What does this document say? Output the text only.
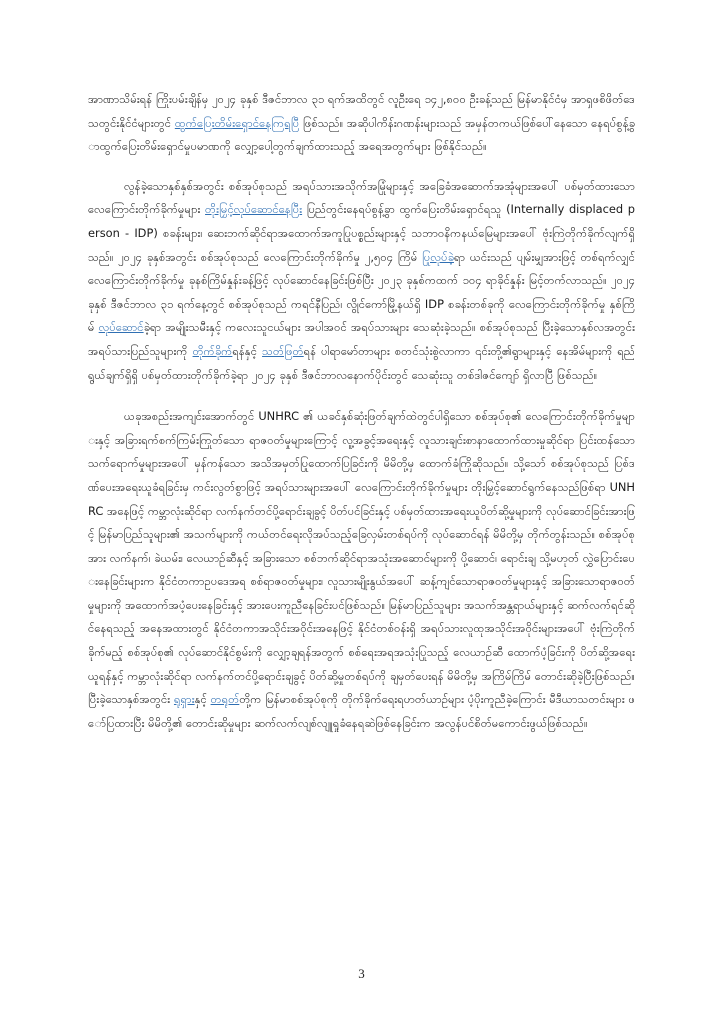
အာဏာသိမ်းရန် ကြိုးပမ်းချိန်မှ ၂၀၂၄ ခုနှစ် ဒီဇင်ဘာလ ၃၁ ရက်အထိတွင် လူဦးရေ ၁၄၂,၈၀၀ ဦးခန့်သည် မြန်မာနိုင်ငံမှ အာရှဖစိဖိတ်ဒေသတွင်းနိုင်ငံများတွင် ထွက်ပြေးတိမ်းရှောင်နေကြရပြီ ဖြစ်သည်။ အဆိုပါကိန်းဂဏန်းများသည် အမှန်တကယ်ဖြစ်ပေါ်နေသော နေရပ်စွန့်ခွာထွက်ပြေးတိမ်းရှောင်မှုပမာဏကို လျှော့ပေါ့တွက်ချက်ထားသည့် အရေအတွက်များ ဖြစ်နိုင်သည်။

လွန်ခဲ့သောနှစ်နှစ်အတွင်း စစ်အုပ်စုသည် အရပ်သားအသိုက်အမြုံများနှင့် အခြေခံအဆောက်အအုံများအပေါ် ပစ်မှတ်ထားသော လေကြောင်းတိုက်ခိုက်မှုများ တိုးမြှင့်လုပ်ဆောင်နေပြီး ပြည်တွင်းနေရပ်စွန့်ခွာ ထွက်ပြေးတိမ်းရှောင်ရသူ (Internally displaced person - IDP) စခန်းများ၊ ဆေးဘက်ဆိုင်ရာအထောက်အကူပြုပစ္စည်းများနှင့် သဘာဝနိကနယ်မြေများအပေါ် ဗုံးကြဲတိုက်ခိုက်လျက်ရှိသည်။ ၂၀၂၄ ခုနှစ်အတွင်း စစ်အုပ်စုသည် လေကြောင်းတိုက်ခိုက်မှု ၂,၅၀၄ ကြိမ် ပြုလုပ်ခဲ့ရာ ယင်းသည် ပျမ်းမျှအားဖြင့် တစ်ရက်လျှင် လေကြောင်းတိုက်ခိုက်မှု ခုနစ်ကြိမ်နှုန်းခန့်ဖြင့် လုပ်ဆောင်နေခြင်းဖြစ်ပြီး ၂၀၂၃ ခုနှစ်ကထက် ၁၀၄ ရာခိုင်နှုန်း မြင့်တက်လာသည်။ ၂၀၂၄ ခုနှစ် ဒီဇင်ဘာလ ၃၁ ရက်နေ့တွင် စစ်အုပ်စုသည် ကရင်နီပြည်၊ လွိုင်ကော်မြို့နယ်ရှိ IDP စခန်းတစ်ခုကို လေကြောင်းတိုက်ခိုက်မှု နှစ်ကြိမ် လုပ်ဆောင်ခဲ့ရာ အမျိုးသမီးနှင့် ကလေးသူငယ်များ အပါအဝင် အရပ်သားများ သေဆုံးခဲ့သည်။ စစ်အုပ်စုသည် ပြီးခဲ့သောနှစ်လအတွင်း အရပ်သားပြည်သူများကို တိုက်ခိုက်ရန်နှင့် သတ်ဖြတ်ရန် ပါရာမော်တာများ စတင်သုံးစွဲလာကာ ၎င်းတို့၏ရွာများနှင့် နေအိမ်များကို ရည် ရွယ်ချက်ရှိရှိ ပစ်မှတ်ထားတိုက်ခိုက်ခဲ့ရာ ၂၀၂၄ ခုနှစ် ဒီဇင်ဘာလနောက်ပိုင်းတွင် သေဆုံးသူ တစ်ဒါဇင်ကျော် ရှိလာပြီ ဖြစ်သည်။

ယခုအစည်းအကျင်းအောက်တွင် UNHRC ၏ ယခင်နှစ်ဆုံးဖြတ်ချက်ထဲတွင်ပါရှိသော စစ်အုပ်စု၏ လေကြောင်းတိုက်ခိုက်မှုများနှင့် အခြားရက်စက်ကြမ်းကြုတ်သော ရာဇဝတ်မှုများကြောင့် လူ့အခွင့်အရေးနှင့် လူသားချင်းစာနာထောက်ထားမှုဆိုင်ရာ ပြင်းထန်သောသက်ရောက်မှုများအပေါ် မှန်ကန်သော အသိအမှတ်ပြုထောက်ပြခြင်းကို မိမိတို့မှ ထောက်ခံကြိုဆိုသည်။ သို့သော် စစ်အုပ်စုသည် ပြစ်ဒဏ်ပေးအရေးယူခံရခြင်းမှ ကင်းလွတ်စွာဖြင့် အရပ်သားများအပေါ် လေကြောင်းတိုက်ခိုက်မှုများ တိုးမြှင့်ဆောင်ရွက်နေသည်ဖြစ်ရာ UNHRC အနေဖြင့် ကမ္ဘာလုံးဆိုင်ရာ လက်နက်တင်ပို့ရောင်းချခွင့် ပိတ်ပင်ခြင်းနှင့် ပစ်မှတ်ထားအရေးယူပိတ်ဆို့မှုများကို လုပ်ဆောင်ခြင်းအားဖြင့် မြန်မာပြည်သူများ၏ အသက်များကို ကယ်တင်ရေးလိုအပ်သည့်ခြေလှမ်းတစ်ရပ်ကို လုပ်ဆောင်ရန် မိမိတို့မှ တိုက်တွန်းသည်။ စစ်အုပ်စုအား လက်နက်၊ ခဲယမ်း၊ လေယာဉ်ဆီနှင့် အခြားသော စစ်ဘက်ဆိုင်ရာအသုံးအဆောင်များကို ပို့ဆောင်၊ ရောင်းချ သို့မဟုတ် လွှဲပြောင်းပေးနေခြင်းများက နိုင်ငံတကာဥပဒေအရ စစ်ရာဇဝတ်မှုများ၊ လူသားမျိုးနွယ်အပေါ် ဆန့်ကျင်သောရာဇဝတ်မှုများနှင့် အခြားသောရာဇဝတ်မှုများကို အထောက်အပံ့ပေးနေခြင်းနှင့် အားပေးကူညီနေခြင်းပင်ဖြစ်သည်။ မြန်မာပြည်သူများ အသက်အန္တရာယ်များနှင့် ဆက်လက်ရင်ဆိုင်နေရသည့် အနေအထားတွင် နိုင်ငံတကာအသိုင်းအဝိုင်းအနေဖြင့် နိုင်ငံတစ်ဝန်းရှိ အရပ်သားလူထုအသိုင်းအဝိုင်းများအပေါ် ဗုံးကြဲတိုက်ခိုက်မည့် စစ်အုပ်စု၏ လုပ်ဆောင်နိုင်စွမ်းကို လျှော့ချရန်အတွက် စစ်ရေးအရအသုံးပြုသည့် လေယာဉ်ဆီ ထောက်ပံ့ခြင်းကို ပိတ်ဆို့အရေးယူရန်နှင့် ကမ္ဘာလုံးဆိုင်ရာ လက်နက်တင်ပို့ရောင်းချခွင့် ပိတ်ဆို့မှုတစ်ရပ်ကို ချမှတ်ပေးရန် မိမိတို့မှ အကြိမ်ကြိမ် တောင်းဆိုခဲ့ပြီးဖြစ်သည်။ ပြီးခဲ့သောနှစ်အတွင်း ရုရှားနှင့် တရုတ်တို့က မြန်မာစစ်အုပ်စုကို တိုက်ခိုက်ရေးရဟတ်ယာဉ်များ ပံ့ပိုးကူညီခဲ့ကြောင်း မီဒီယာသတင်းများ ဖော်ပြထားပြီး မိမိတို့၏ တောင်းဆိုမှုများ ဆက်လက်လျစ်လျူရှုခံနေရဆဲဖြစ်နေခြင်းက အလွန်ပင်စိတ်မကောင်းဖွယ်ဖြစ်သည်။

3
